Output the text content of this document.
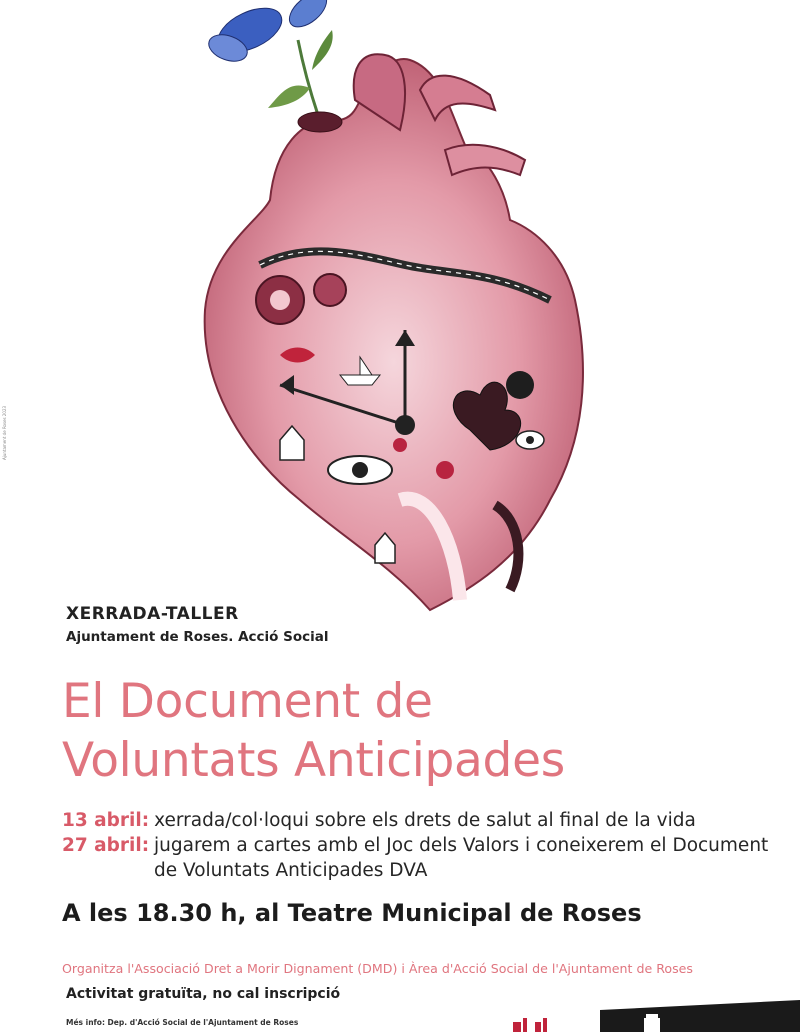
Ajuntament de Roses 2023
XERRADA-TALLER
Ajuntament de Roses. Acció Social
El Document de
Voluntats Anticipades
13 abril: xerrada/col·loqui sobre els drets de salut al final de la vida
27 abril: jugarem a cartes amb el Joc dels Valors i coneixerem el Document de Voluntats Anticipades DVA
A les 18.30 h, al Teatre Municipal de Roses
Organitza l'Associació Dret a Morir Dignament (DMD) i Àrea d'Acció Social de l'Ajuntament de Roses
Activitat gratuïta, no cal inscripció
Més info: Dep. d'Acció Social de l'Ajuntament de Roses
